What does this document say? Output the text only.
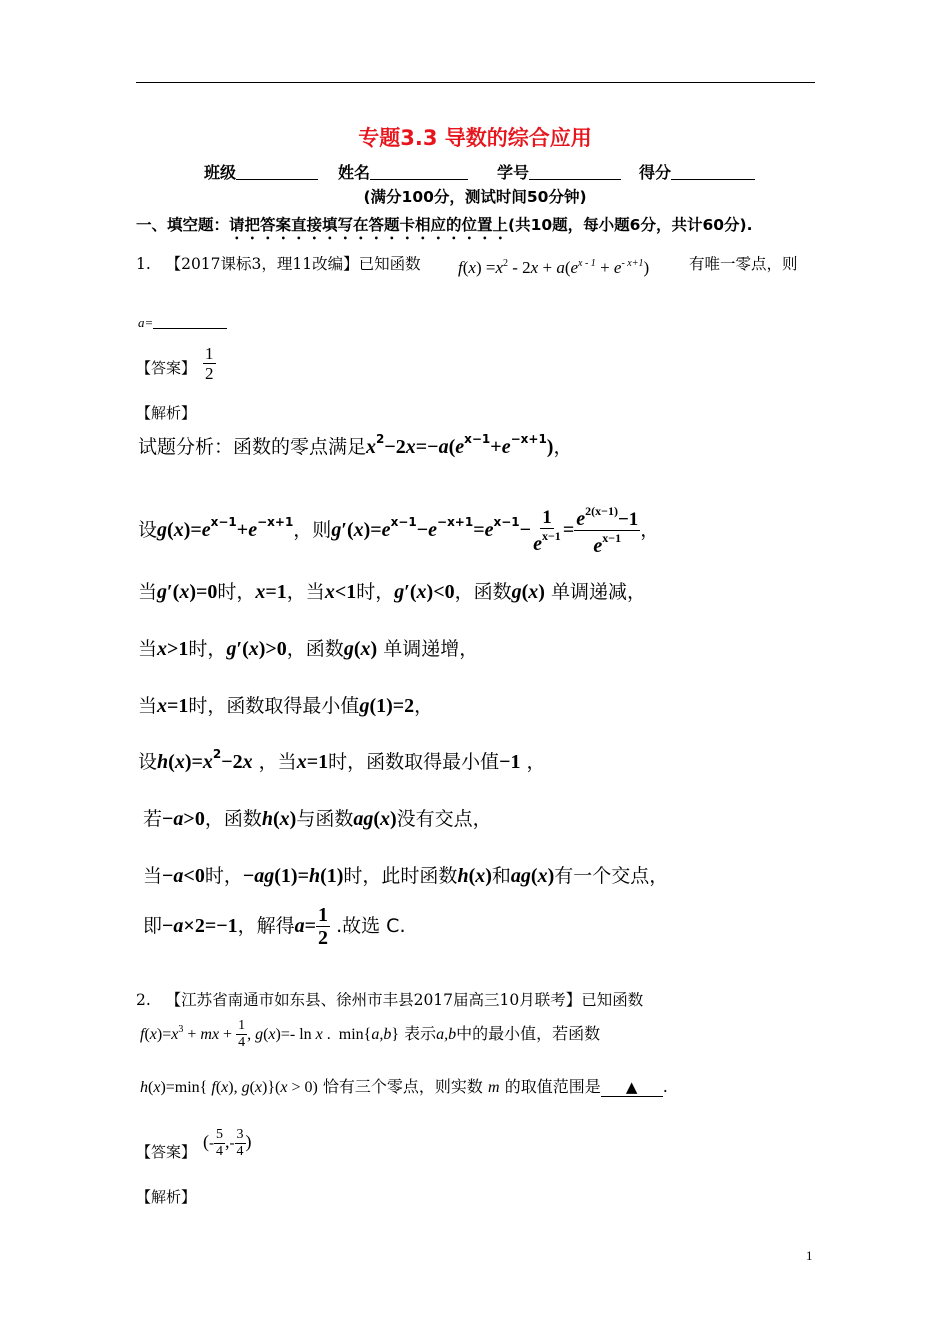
专题3.3 导数的综合应用
班级	姓名	学号	得分
(满分100分，测试时间50分钟)
一、填空题：请把答案直接填写在答题卡相应的位置上(共10题，每小题6分，共计60分).
1. 【2017课标3，理11改编】已知函数 $f(x) =x^2 - 2x + a(e^{x - 1} + e^{- x+1})$	有唯一零点，则
a=
【答案】 $\frac{1}{2}$
【解析】
试题分析：函数的零点满足$x^2-2x=-a(e^{x-1}+e^{-x+1})$，
设$g(x)=e^{x-1}+e^{-x+1}$，则$g'(x)=e^{x-1}-e^{-x+1}=e^{x-1}- \frac{1}{e^{x-1}} = \frac{e^{2(x-1)}-1}{e^{x-1}}$ ，
当g′(x)=0时，x=1，当x<1时，g′(x)<0，函数g(x) 单调递减，
当x>1时，g′(x)>0，函数g(x) 单调递增，
当x=1时，函数取得最小值g(1)=2，
设$h(x)=x^2-2x$ ，当x=1时，函数取得最小值−1 ，
若−a>0，函数h(x)与函数ag(x)没有交点，
当−a<0时，−ag(1)=h(1)时，此时函数h(x)和ag(x)有一个交点，
即−a×2=−1，解得$a= \frac{1}{2}$ .故选 C.
2. 【江苏省南通市如东县、徐州市丰县2017届高三10月联考】已知函数
$f(x)=x^3$ + mx + $\frac{1}{4}$ , g(x)=- ln x .  min{a,b} 表示a,b中的最小值，若函数
h(x)=min{ f(x), g(x)}(x > 0) 恰有三个零点，则实数 m 的取值范围是 ▲ .
【答案】
(- $\frac{5}{4}$ ,- $\frac{3}{4}$ )
【解析】
1
